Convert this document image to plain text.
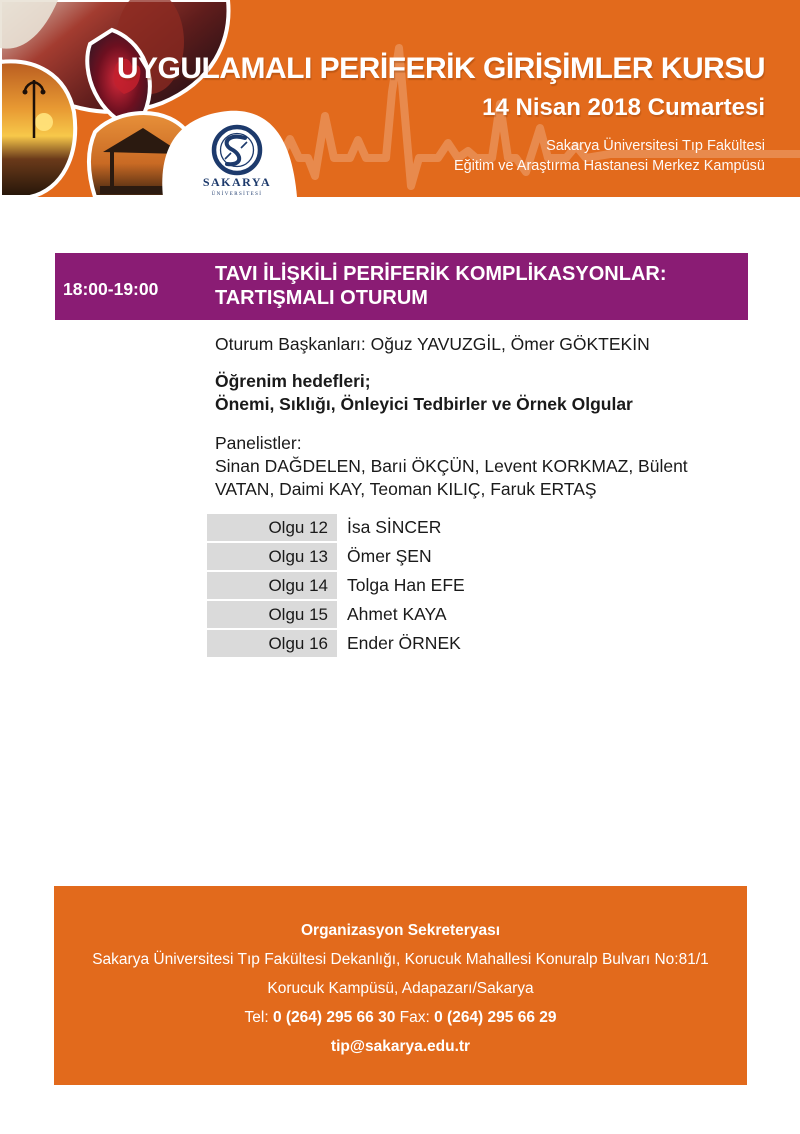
SAKARYA
ÜNİVERSİTESİ
UYGULAMALI PERİFERİK GİRİŞİMLER KURSU
14 Nisan 2018 Cumartesi
Sakarya Üniversitesi Tıp Fakültesi
Eğitim ve Araştırma Hastanesi Merkez Kampüsü
18:00-19:00
TAVI İLİŞKİLİ PERİFERİK KOMPLİKASYONLAR:
TARTIŞMALI OTURUM

Oturum Başkanları: Oğuz YAVUZGİL, Ömer GÖKTEKİN

Öğrenim hedefleri;

Önemi, Sıklığı, Önleyici Tedbirler ve Örnek Olgular

Panelistler:

Sinan DAĞDELEN, Barıi ÖKÇÜN, Levent KORKMAZ, Bülent VATAN, Daimi KAY, Teoman KILIÇ, Faruk ERTAŞ

Olgu 12	İsa SİNCER
Olgu 13	Ömer ŞEN
Olgu 14	Tolga Han EFE
Olgu 15	Ahmet KAYA
Olgu 16	Ender ÖRNEK
Organizasyon Sekreteryası
Sakarya Üniversitesi Tıp Fakültesi Dekanlığı, Korucuk Mahallesi Konuralp Bulvarı No:81/1
Korucuk Kampüsü, Adapazarı/Sakarya
Tel: 0 (264) 295 66 30 Fax: 0 (264) 295 66 29
tip@sakarya.edu.tr
